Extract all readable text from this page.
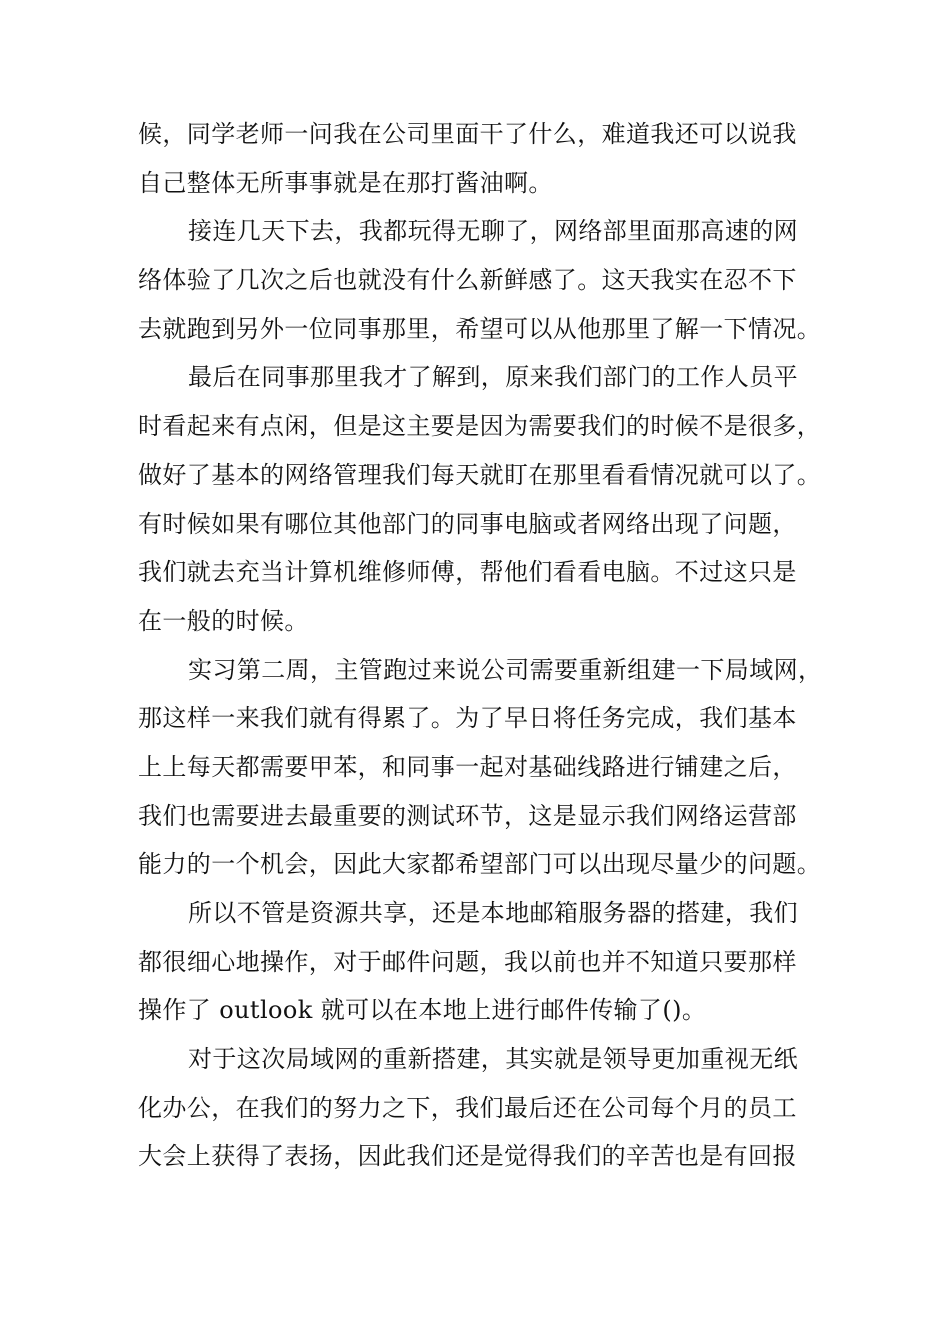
候，同学老师一问我在公司里面干了什么，难道我还可以说我
自己整体无所事事就是在那打酱油啊。
接连几天下去，我都玩得无聊了，网络部里面那高速的网
络体验了几次之后也就没有什么新鲜感了。这天我实在忍不下
去就跑到另外一位同事那里，希望可以从他那里了解一下情况。
最后在同事那里我才了解到，原来我们部门的工作人员平
时看起来有点闲，但是这主要是因为需要我们的时候不是很多，
做好了基本的网络管理我们每天就盯在那里看看情况就可以了。
有时候如果有哪位其他部门的同事电脑或者网络出现了问题，
我们就去充当计算机维修师傅，帮他们看看电脑。不过这只是
在一般的时候。
实习第二周，主管跑过来说公司需要重新组建一下局域网，
那这样一来我们就有得累了。为了早日将任务完成，我们基本
上上每天都需要甲苯，和同事一起对基础线路进行铺建之后，
我们也需要进去最重要的测试环节，这是显示我们网络运营部
能力的一个机会，因此大家都希望部门可以出现尽量少的问题。
所以不管是资源共享，还是本地邮箱服务器的搭建，我们
都很细心地操作，对于邮件问题，我以前也并不知道只要那样
操作了 outlook 就可以在本地上进行邮件传输了()。
对于这次局域网的重新搭建，其实就是领导更加重视无纸
化办公，在我们的努力之下，我们最后还在公司每个月的员工
大会上获得了表扬，因此我们还是觉得我们的辛苦也是有回报
